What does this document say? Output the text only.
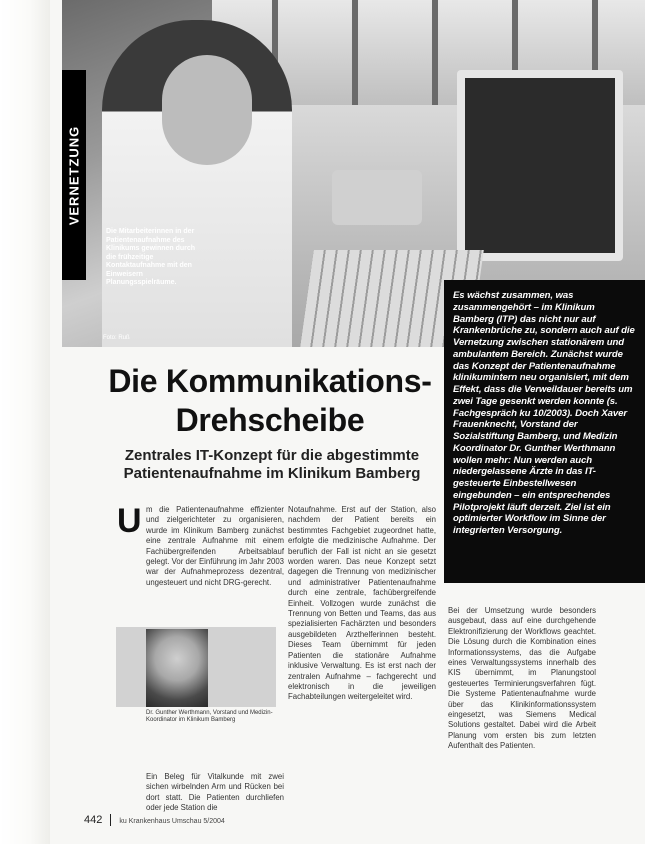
VERNETZUNG
Die Mitarbeiterinnen in der Patientenaufnahme des Klinikums gewinnen durch die frühzeitige Kontaktaufnahme mit den Einweisern Planungsspielräume.
Foto: Ruß

Es wächst zusammen, was zusammengehört – im Klinikum Bamberg (ITP) das nicht nur auf Krankenbrüche zu, sondern auch auf die Vernetzung zwischen stationärem und ambulantem Bereich. Zunächst wurde das Konzept der Patientenaufnahme klinikumintern neu organisiert, mit dem Effekt, dass die Verweildauer bereits um zwei Tage gesenkt werden konnte (s. Fachgespräch ku 10/2003). Doch Xaver Frauenknecht, Vorstand der Sozialstiftung Bamberg, und Medizin Koordinator Dr. Gunther Werthmann wollen mehr: Nun werden auch niedergelassene Ärzte in das IT-gesteuerte Einbestellwesen eingebunden – ein entsprechendes Pilotprojekt läuft derzeit. Ziel ist ein optimierter Workflow im Sinne der integrierten Versorgung.

Die Kommunikations-
Drehscheibe
Zentrales IT-Konzept für die abgestimmte Patientenaufnahme im Klinikum Bamberg
U m die Patientenaufnahme effizienter und zielgerichteter zu organisieren, wurde im Klinikum Bamberg zunächst eine zentrale Aufnahme mit einem Fachübergreifenden Arbeitsablauf gelegt. Vor der Einführung im Jahr 2003 war der Aufnahmeprozess dezentral, ungesteuert und nicht DRG-gerecht.

Dr. Gunther Werthmann, Vorstand und Medizin-Koordinator im Klinikum Bamberg

Ein Beleg für Vitalkunde mit zwei sichen wirbelnden Arm und Rücken bei dort statt. Die Patienten durchliefen oder jede Station die

Notaufnahme. Erst auf der Station, also nachdem der Patient bereits ein bestimmtes Fachgebiet zugeordnet hatte, erfolgte die medizinische Aufnahme. Der beruflich der Fall ist nicht an sie gesetzt worden waren. Das neue Konzept setzt dagegen die Trennung von medizinischer und administrativer Patientenaufnahme durch eine zentrale, fachübergreifende Einheit. Vollzogen wurde zunächst die Trennung von Betten und Teams, das aus spezialisierten Fachärzten und besonders ausgebildeten Arzthelferinnen besteht. Dieses Team übernimmt für jeden Patienten die stationäre Aufnahme inklusive Verwaltung. Es ist erst nach der zentralen Aufnahme – fachgerecht und elektronisch in die jeweiligen Fachabteilungen weitergeleitet wird.

Bei der Umsetzung wurde besonders ausgebaut, dass auf eine durchgehende Elektronifizierung der Workflows geachtet. Die Lösung durch die Kombination eines Informationssystems, das die Aufgabe eines Verwaltungssystems innerhalb des KIS übernimmt, im Planungstool gesteuertes Terminierungsverfahren fügt. Die Systeme Patientenaufnahme wurde über das Klinikinformationssystem eingesetzt, was Siemens Medical Solutions gestaltet. Dabei wird die Arbeit Planung vom ersten bis zum letzten Aufenthalt des Patienten.

442 ku Krankenhaus Umschau 5/2004
